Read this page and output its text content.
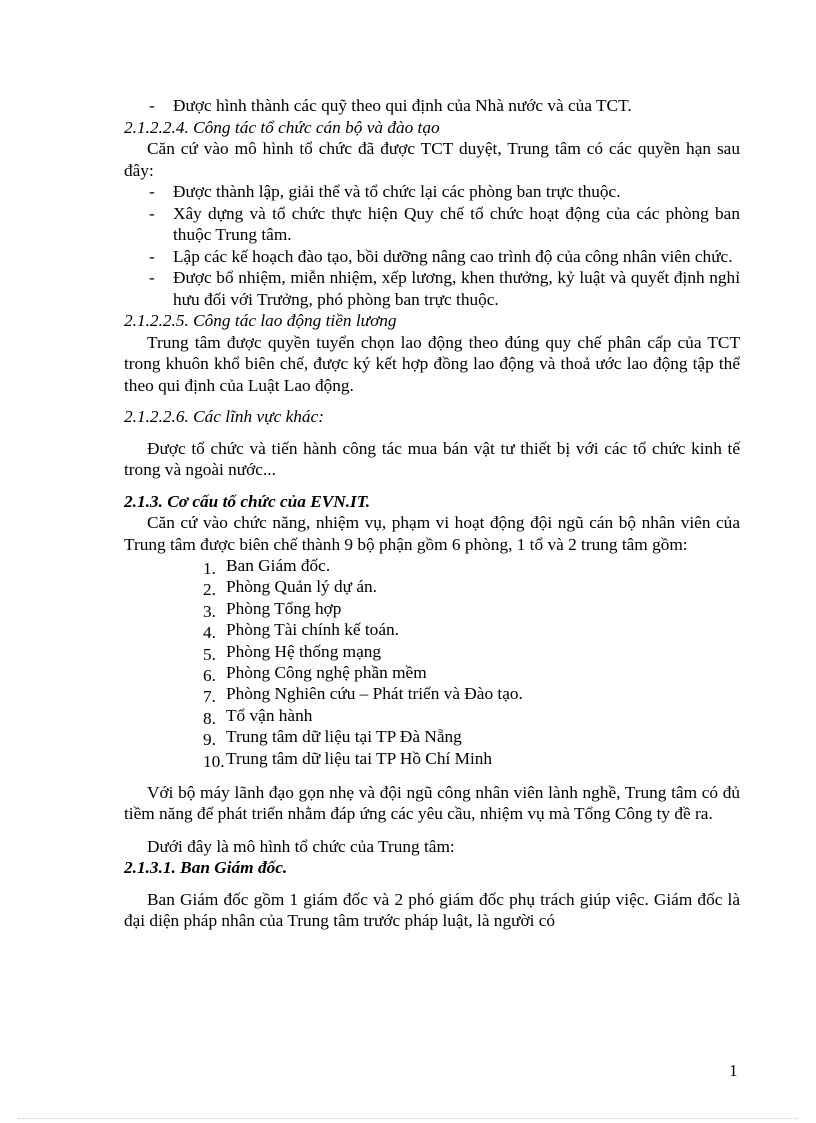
- Được hình thành các quỹ theo qui định của Nhà nước và của TCT.

2.1.2.2.4. Công tác tổ chức cán bộ và đào tạo

Căn cứ vào mô hình tổ chức đã được TCT duyệt, Trung tâm có các quyền hạn sau đây:

- Được thành lập, giải thể và tổ chức lại các phòng ban trực thuộc.

- Xây dựng và tổ chức thực hiện Quy chế tổ chức hoạt động của các phòng ban thuộc Trung tâm.

- Lập các kế hoạch đào tạo, bồi dưỡng nâng cao trình độ của công nhân viên chức.

- Được bổ nhiệm, miễn nhiệm, xếp lương, khen thưởng, kỷ luật và quyết định nghỉ hưu đối với Trưởng, phó phòng ban trực thuộc.

2.1.2.2.5. Công tác lao động tiền lương

Trung tâm được quyền tuyển chọn lao động theo đúng quy chế phân cấp của TCT trong khuôn khổ biên chế, được ký kết hợp đồng lao động và thoả ước lao động tập thể theo qui định của Luật Lao động.

2.1.2.2.6. Các lĩnh vực khác:

Được tổ chức và tiến hành công tác mua bán vật tư thiết bị với các tổ chức kinh tế trong và ngoài nước...

2.1.3. Cơ cấu tổ chức của EVN.IT.

Căn cứ vào chức năng, nhiệm vụ, phạm vi hoạt động đội ngũ cán bộ nhân viên của Trung tâm được biên chế thành 9 bộ phận gồm 6 phòng, 1 tổ và 2 trung tâm gồm:

1. Ban Giám đốc.
2. Phòng Quản lý dự án.
3. Phòng Tổng hợp
4. Phòng Tài chính kế toán.
5. Phòng Hệ thống mạng
6. Phòng Công nghệ phần mềm
7. Phòng Nghiên cứu – Phát triển và Đào tạo.
8. Tổ vận hành
9. Trung tâm dữ liệu tại TP Đà Nẵng
10. Trung tâm dữ liệu tai TP Hồ Chí Minh

Với bộ máy lãnh đạo gọn nhẹ và đội ngũ công nhân viên lành nghề, Trung tâm có đủ tiềm năng để phát triển nhằm đáp ứng các yêu cầu, nhiệm vụ mà Tổng Công ty đề ra.

Dưới đây là mô hình tổ chức của Trung tâm:

2.1.3.1. Ban Giám đốc.

Ban Giám đốc gồm 1 giám đốc và 2 phó giám đốc phụ trách giúp việc. Giám đốc là đại diện pháp nhân của Trung tâm trước pháp luật, là người có

1
